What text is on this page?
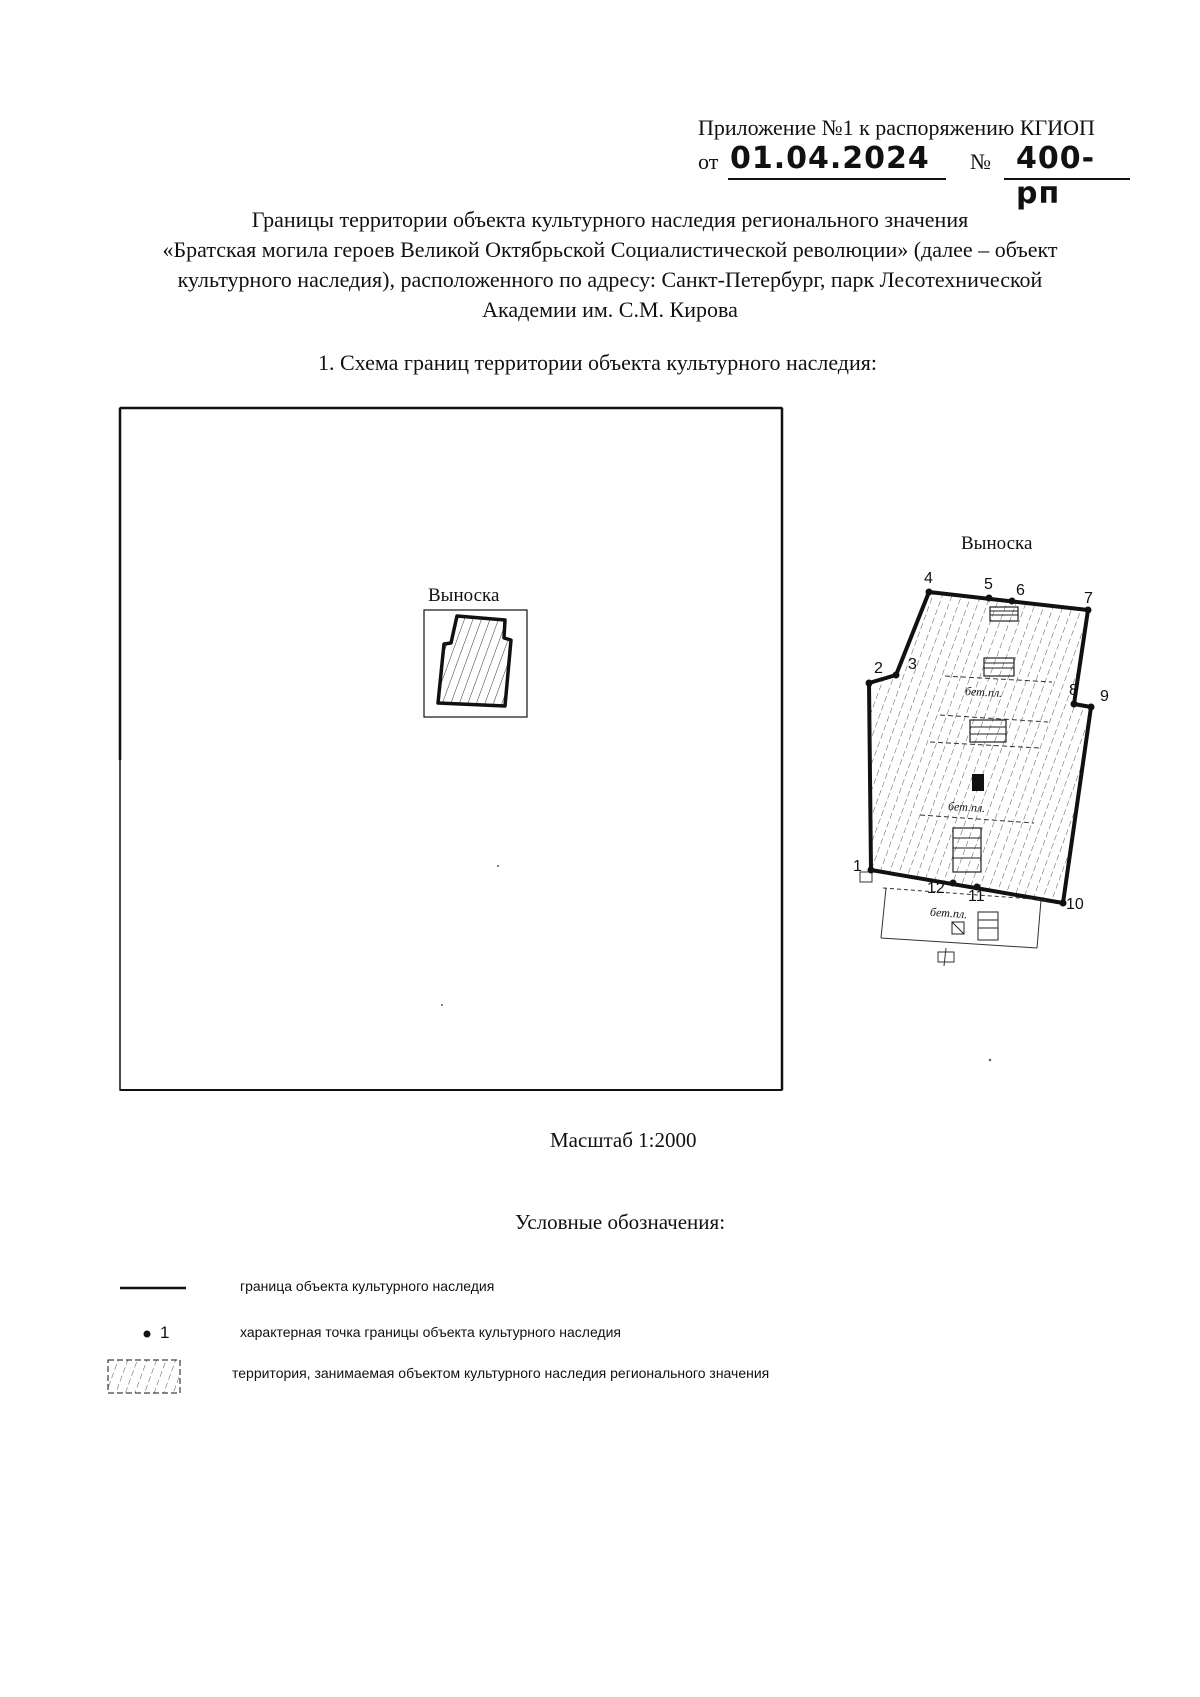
Приложение №1 к распоряжению КГИОП
от 01.04.2024 № 400-рп
Границы территории объекта культурного наследия регионального значения
«Братская могила героев Великой Октябрьской Социалистической революции» (далее – объект
культурного наследия), расположенного по адресу: Санкт-Петербург, парк Лесотехнической
Академии им. С.М. Кирова
1. Схема границ территории объекта культурного наследия:
Выноска
Выноска
1
2 3
4	5 6	7
8 9
10
11
12
бет.пл.
бет.пл.
бет.пл.
Масштаб 1:2000
Условные обозначения:
1
граница объекта культурного наследия
характерная точка границы объекта культурного наследия
территория, занимаемая объектом культурного наследия регионального значения
